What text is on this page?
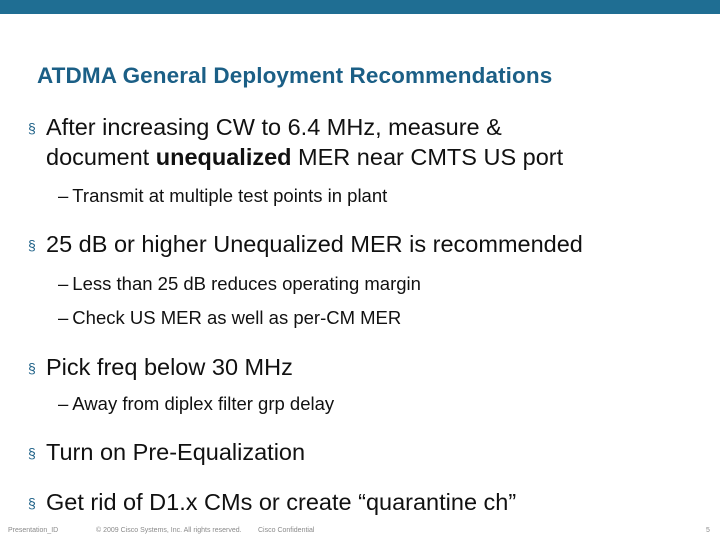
ATDMA General Deployment Recommendations
§ After increasing CW to 6.4 MHz, measure &
document unequalized MER near CMTS US port
– Transmit at multiple test points in plant
§ 25 dB or higher Unequalized MER is recommended
– Less than 25 dB reduces operating margin
– Check US MER as well as per-CM MER
§ Pick freq below 30 MHz
– Away from diplex filter grp delay
§ Turn on Pre-Equalization
§ Get rid of D1.x CMs or create “quarantine ch”
Presentation_ID	© 2009 Cisco Systems, Inc. All rights reserved. Cisco Confidential	5
